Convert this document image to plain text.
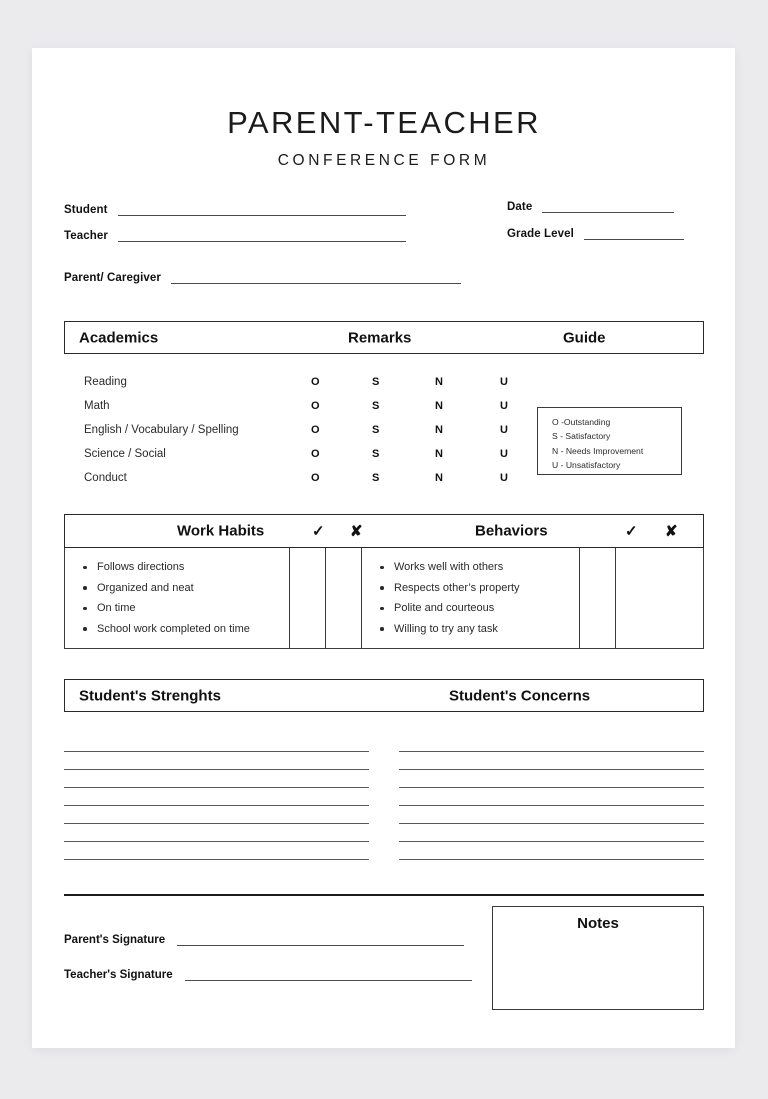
PARENT-TEACHER
CONFERENCE FORM
Student
Teacher
Parent/ Caregiver
Date
Grade Level
Academics	Remarks	Guide
Reading	O	S	N	U
Math	O	S	N	U
English / Vocabulary / Spelling	O	S	N	U
Science / Social	O	S	N	U
Conduct	O	S	N	U
O -Outstanding
S - Satisfactory
N - Needs Improvement
U - Unsatisfactory
Work Habits	✓ ✘	Behaviors	✓ ✘
Follows directions
Organized and neat
On time
School work completed on time
Works well with others
Respects other’s property
Polite and courteous
Willing to try any task
Student's Strenghts	Student's Concerns
Parent's Signature
Teacher's Signature
Notes
